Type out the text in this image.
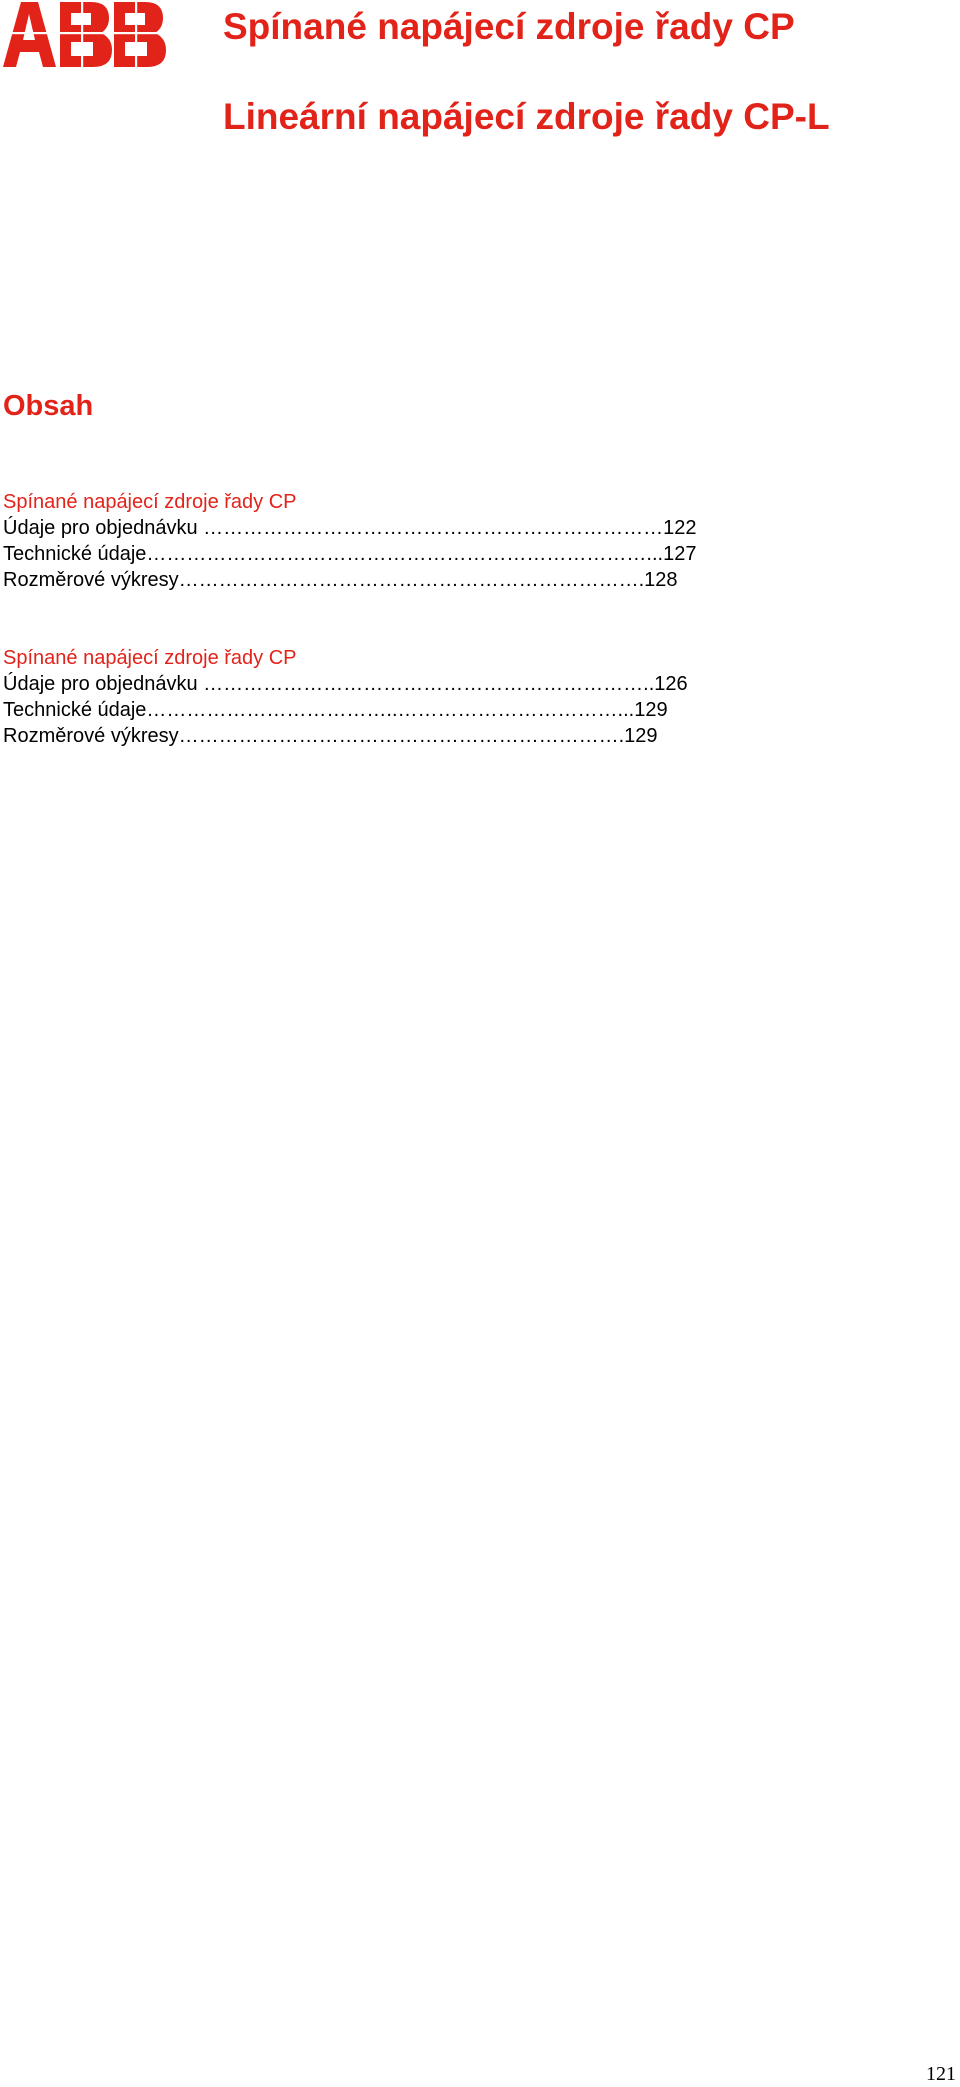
Spínané napájecí zdroje řady CP
Lineární napájecí zdroje řady CP-L
Obsah
Spínané napájecí zdroje řady CP
Údaje pro objednávku ……………………………………………………………122
Technické údaje…………………………………………………………………...127
Rozměrové výkresy…………………………………………………………….128
Spínané napájecí zdroje řady CP
Údaje pro objednávku …………………………………………………………..126
Technické údaje………………………………..……………………………...129
Rozměrové výkresy………………………………………………………….129
121
